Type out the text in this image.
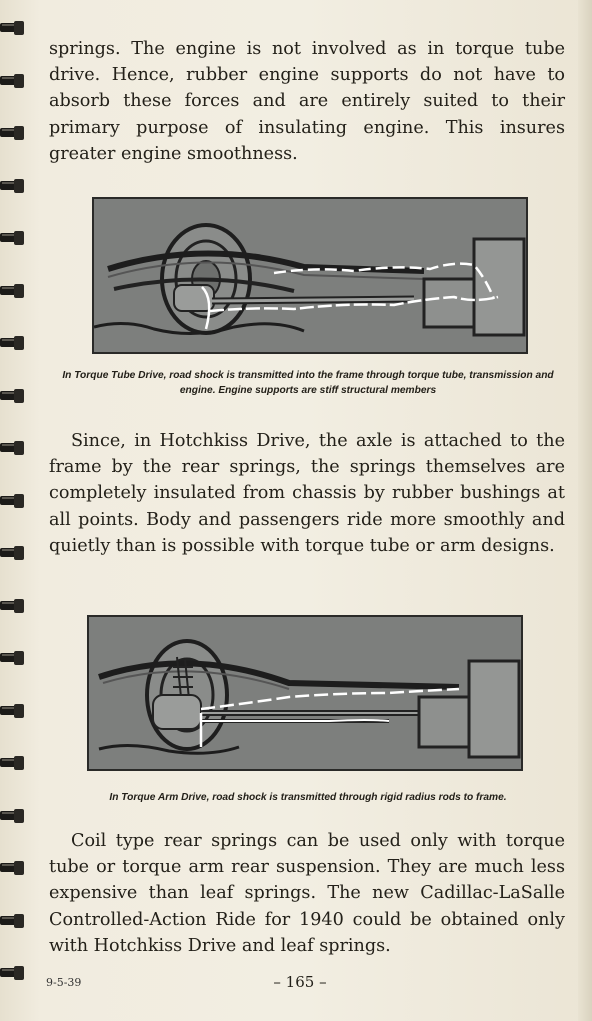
springs. The engine is not involved as in torque tube drive. Hence, rubber engine supports do not have to absorb these forces and are entirely suited to their primary purpose of insulating engine. This insures greater engine smoothness.

In Torque Tube Drive, road shock is transmitted into the frame through torque tube, transmission and engine. Engine supports are stiff structural members

Since, in Hotchkiss Drive, the axle is attached to the frame by the rear springs, the springs themselves are completely insulated from chassis by rubber bushings at all points. Body and passengers ride more smoothly and quietly than is possible with torque tube or arm designs.

In Torque Arm Drive, road shock is transmitted through rigid radius rods to frame.

Coil type rear springs can be used only with torque tube or torque arm rear suspension. They are much less expensive than leaf springs. The new Cadillac-LaSalle Controlled-Action Ride for 1940 could be obtained only with Hotchkiss Drive and leaf springs.

9-5-39	– 165 –
